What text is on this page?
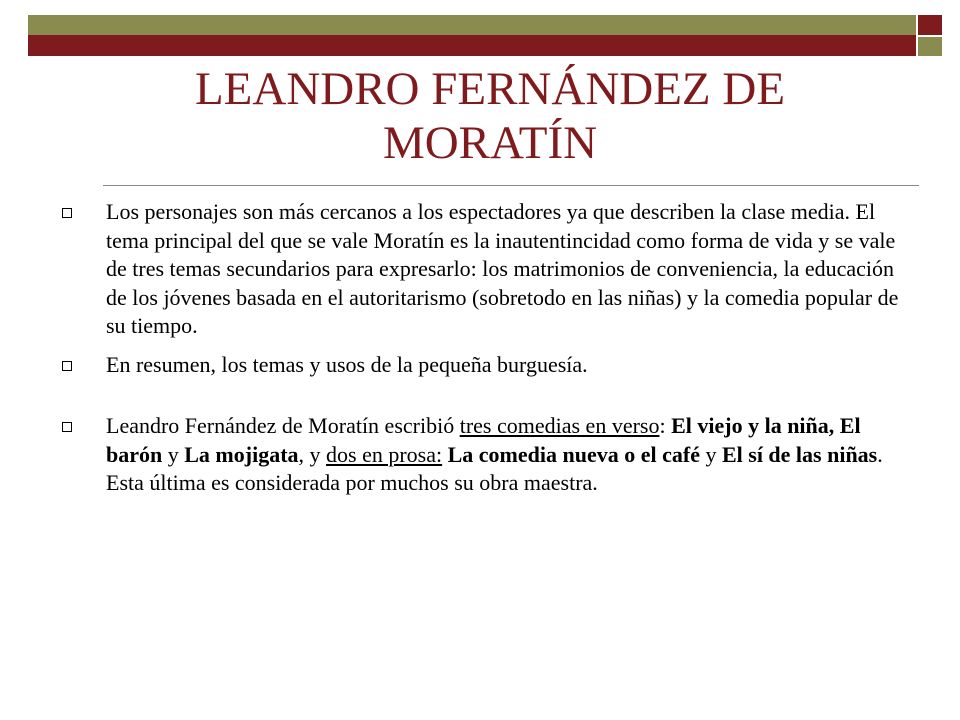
LEANDRO FERNÁNDEZ DE MORATÍN
Los personajes son más cercanos a los espectadores ya que describen la clase media. El tema principal del que se vale Moratín es la inautentincidad como forma de vida y se vale de tres temas secundarios para expresarlo: los matrimonios de conveniencia, la educación de los jóvenes basada en el autoritarismo (sobretodo en las niñas) y la comedia popular de su tiempo.
En resumen, los temas y usos de la pequeña burguesía.
Leandro Fernández de Moratín escribió tres comedias en verso: El viejo y la niña, El barón y La mojigata, y dos en prosa: La comedia nueva o el café y El sí de las niñas. Esta última es considerada por muchos su obra maestra.
